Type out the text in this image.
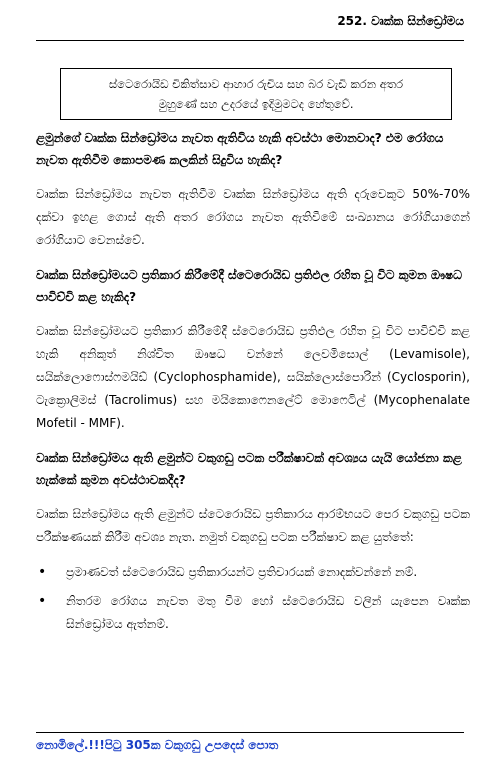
252. වෘක්ක සින්ඩ්‍රෝමය
ස්ටෙරොයිඩ චිකිත්සාව ආහාර රුචිය සහ බර වැඩි කරන අතර
මුහුණේ සහ උදරයේ ඉදිමුමටද හේතුවේ.

ළමුන්ගේ වෘක්ක සින්ඩ්‍රෝමය නැවත ඇතිවිය හැකි අවස්ථා මොනවාද? එම රෝගය නැවත ඇතිවීම කොපමණ කලකින් සිදුවිය හැකිද?

වෘක්ක සින්ඩ්‍රෝමය නැවත ඇතිවීම වෘක්ක සින්ඩ්‍රෝමය ඇති දරුවෙකුට 50%-70% දක්වා ඉහළ ගොස් ඇති අතර රෝගය නැවත ඇතිවීමේ සංඛ්‍යානය රෝගියාගෙන් රෝගියාට වෙනස්වේ.

වෘක්ක සින්ඩ්‍රෝමයට ප්‍රතිකාර කිරීමේදී ස්ටෙරොයිඩ ප්‍රතිඵල රහිත වූ විට කුමන ඖෂධ පාවිච්චි කළ හැකිද?

වෘක්ක සින්ඩ්‍රෝමයට ප්‍රතිකාර කිරීමේදී ස්ටෙරොයිඩ ප්‍රතිඵල රහිත වූ විට පාවිච්චි කළ හැකි අනිකුත් නිශ්චිත ඖෂධ වන්නේ ලෙවමිසොල් (Levamisole), සයික්ලොෆොස්ෆමයිඩ් (Cyclophosphamide), සයික්ලොස්පොරින් (Cyclosporin), ටැක්‍රොලිමස් (Tacrolimus) සහ මයිකොෆෙනලේට් මොෆෙටිල් (Mycophenalate Mofetil - MMF).

වෘක්ක සින්ඩ්‍රෝමය ඇති ළමුන්ට වකුගඩු පටක පරීක්ෂාවක් අවශ්‍යය යැයි යෝජනා කළ හැක්කේ කුමන අවස්ථාවකදීද?

වෘක්ක සින්ඩ්‍රෝමය ඇති ළමුන්ට ස්ටෙරොයිඩ ප්‍රතිකාරය ආරම්භයට පෙර වකුගඩු පටක පරීක්ෂණයක් කිරීම අවශ්‍ය නැත. නමුත් වකුගඩු පටක පරීක්ෂාව කළ යුත්තේ:

• ප්‍රමාණවත් ස්ටෙරොයිඩ ප්‍රතිකාරයන්ට ප්‍රතිචාරයක් නොදක්වන්නේ නම්.
• නිතරම රෝගය නැවත මතු වීම හෝ ස්ටෙරොයිඩ වලින් යැපෙන වෘක්ක සින්ඩ්‍රෝමය ඇත්නම්.
නොමිලේ.!!!පිටු 305ක වකුගඩු උපදෙස් පොත
